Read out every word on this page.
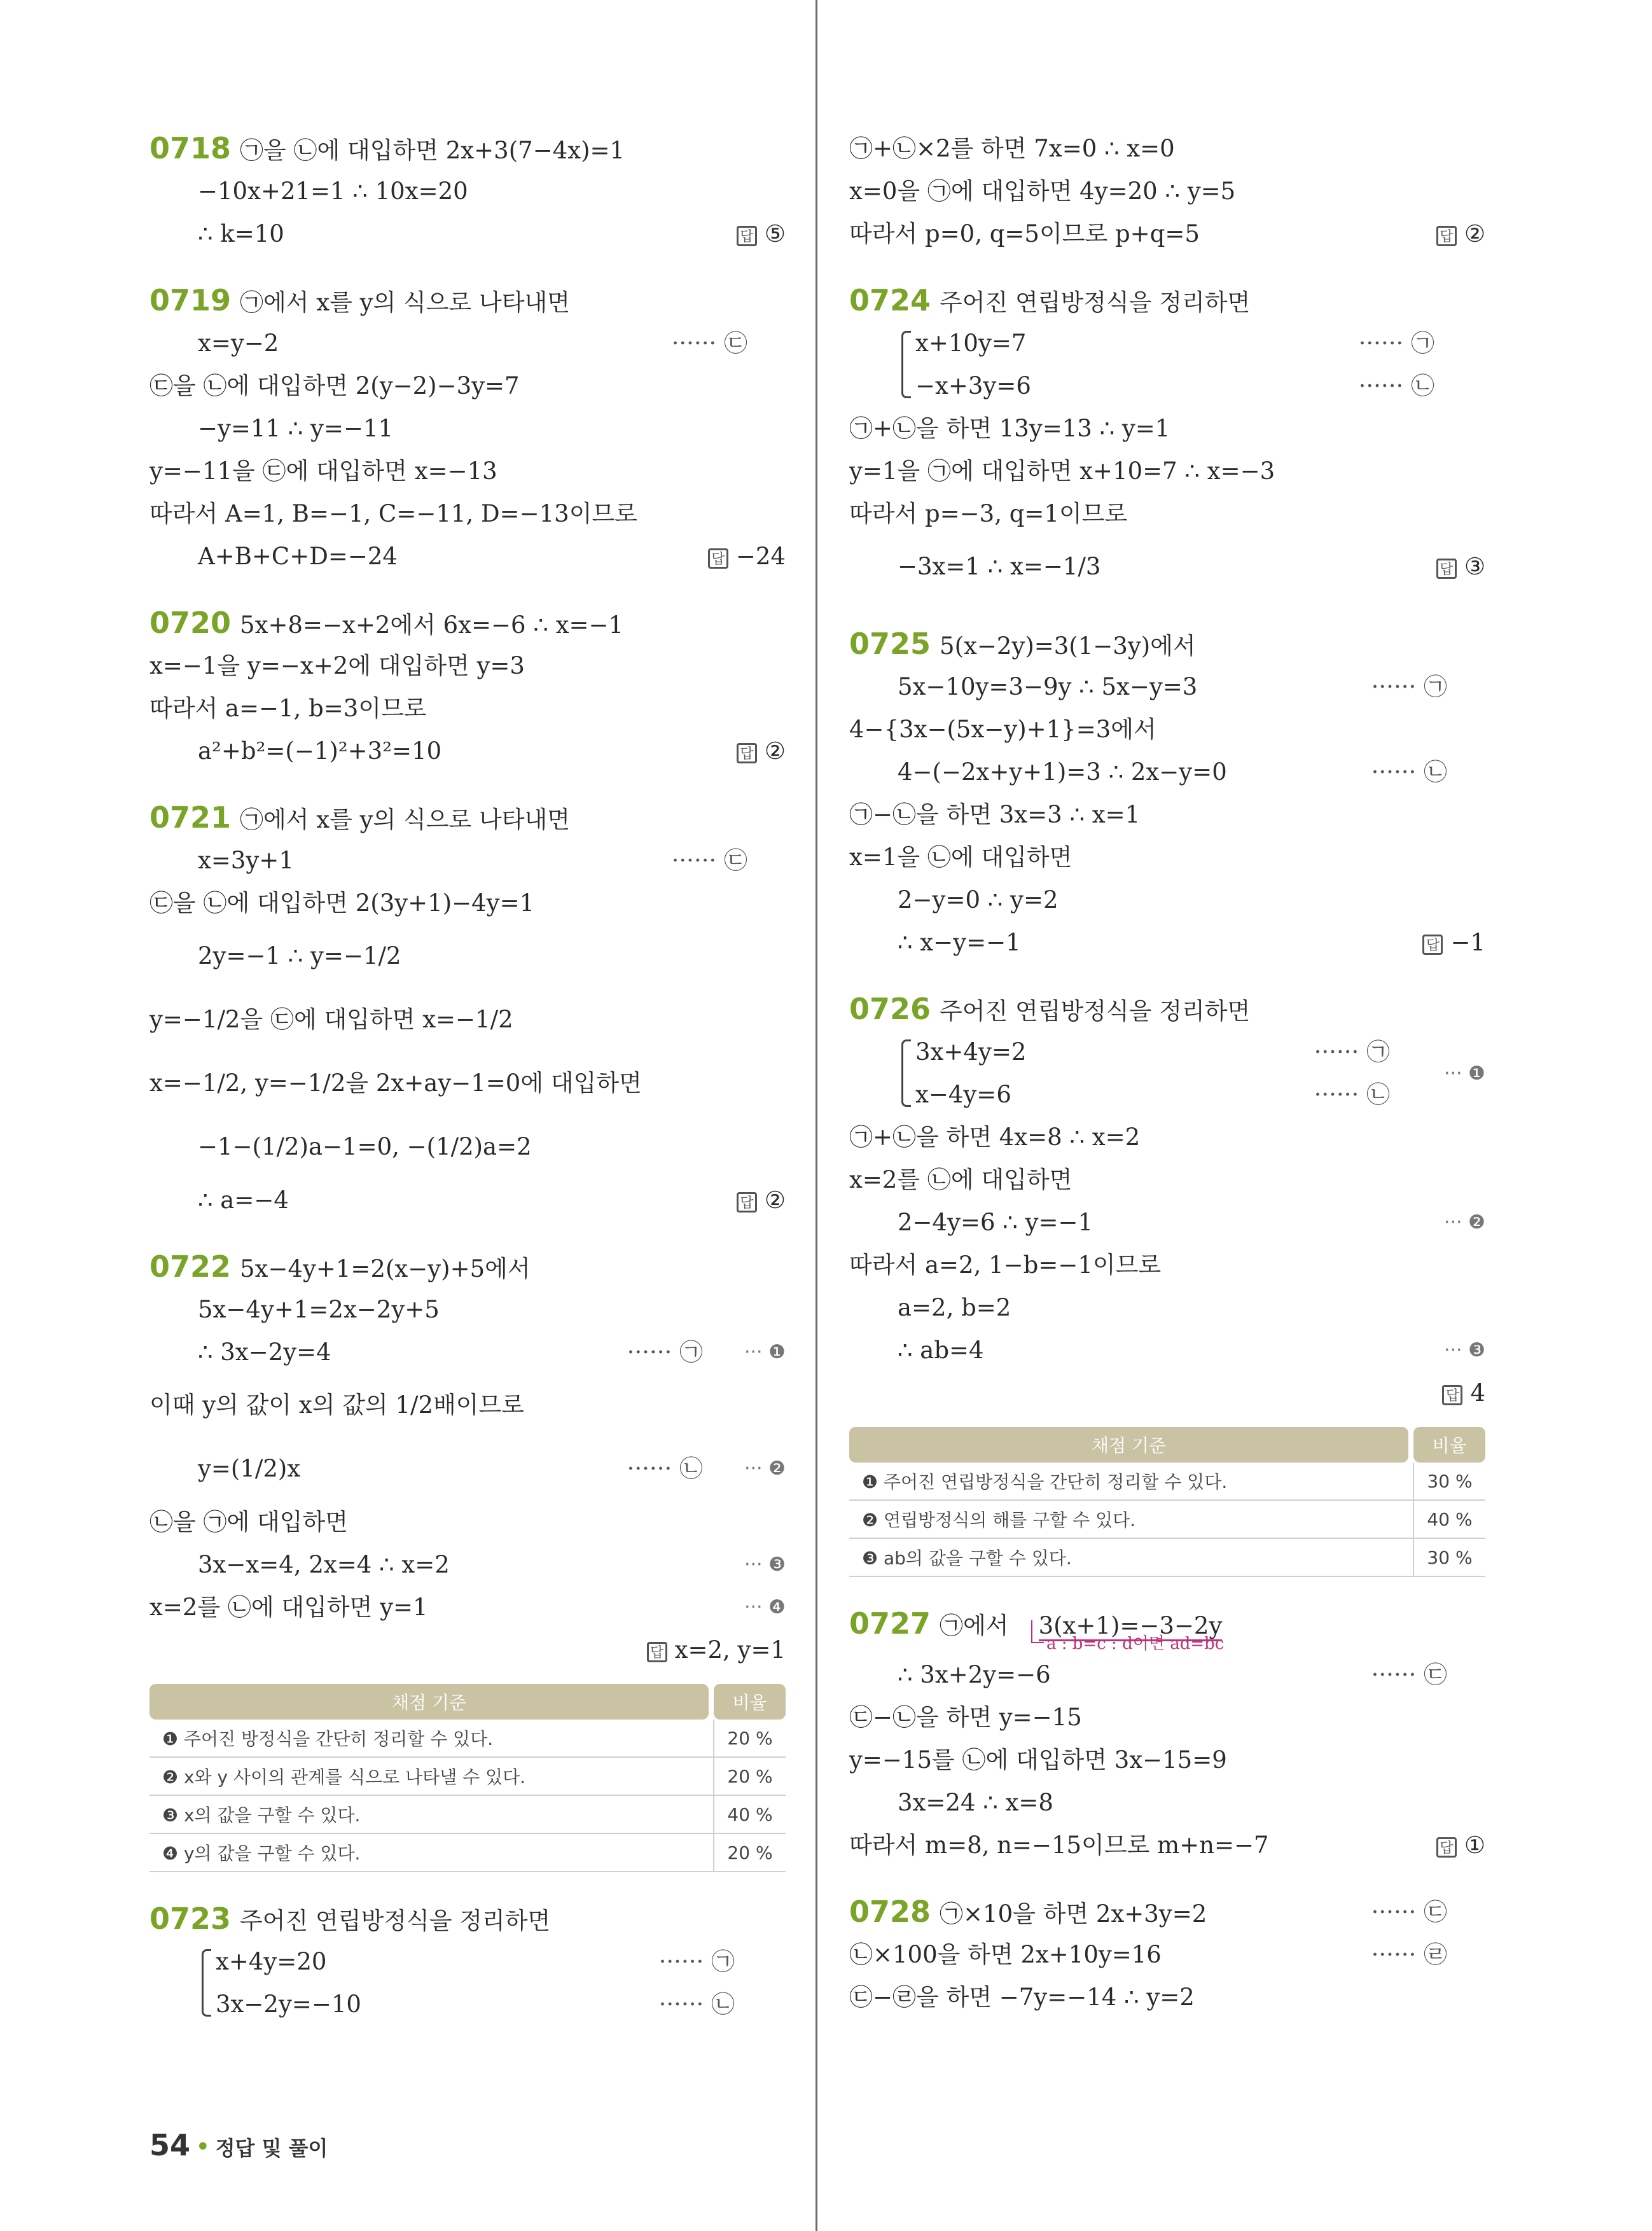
0718 ㉠을 ㉡에 대입하면 2x+3(7−4x)=1
−10x+21=1 ∴ 10x=20
∴ k=10	답 ⑤
0719 ㉠에서 x를 y의 식으로 나타내면
x=y−2	······ ㉢
㉢을 ㉡에 대입하면 2(y−2)−3y=7
−y=11 ∴ y=−11
y=−11을 ㉢에 대입하면 x=−13
따라서 A=1, B=−1, C=−11, D=−13이므로
A+B+C+D=−24	답 −24
0720 5x+8=−x+2에서 6x=−6 ∴ x=−1
x=−1을 y=−x+2에 대입하면 y=3
따라서 a=−1, b=3이므로
a²+b²=(−1)²+3²=10	답 ②
0721 ㉠에서 x를 y의 식으로 나타내면
x=3y+1	······ ㉢
㉢을 ㉡에 대입하면 2(3y+1)−4y=1
2y=−1 ∴ y=−1/2
y=−1/2을 ㉢에 대입하면 x=−1/2
x=−1/2, y=−1/2을 2x+ay−1=0에 대입하면
−1−(1/2)a−1=0, −(1/2)a=2
∴ a=−4	답 ②
0722 5x−4y+1=2(x−y)+5에서
5x−4y+1=2x−2y+5
∴ 3x−2y=4	······ ㉠ ··· ❶
이때 y의 값이 x의 값의 1/2배이므로
y=(1/2)x	······ ㉡ ··· ❷
㉡을 ㉠에 대입하면
3x−x=4, 2x=4 ∴ x=2	··· ❸
x=2를 ㉡에 대입하면 y=1	··· ❹
답 x=2, y=1
채점 기준		비율
❶ 주어진 방정식을 간단히 정리할 수 있다.		20 %
❷ x와 y 사이의 관계를 식으로 나타낼 수 있다.		20 %
❸ x의 값을 구할 수 있다.		40 %
❹ y의 값을 구할 수 있다.		20 %
0723 주어진 연립방정식을 정리하면
x+4y=20	······ ㉠
3x−2y=−10	······ ㉡
㉠+㉡×2를 하면 7x=0 ∴ x=0
x=0을 ㉠에 대입하면 4y=20 ∴ y=5
따라서 p=0, q=5이므로 p+q=5	답 ②
0724 주어진 연립방정식을 정리하면
x+10y=7	······ ㉠
−x+3y=6	······ ㉡
㉠+㉡을 하면 13y=13 ∴ y=1
y=1을 ㉠에 대입하면 x+10=7 ∴ x=−3
따라서 p=−3, q=1이므로
−3x=1 ∴ x=−1/3	답 ③
0725 5(x−2y)=3(1−3y)에서
5x−10y=3−9y ∴ 5x−y=3	······ ㉠
4−{3x−(5x−y)+1}=3에서
4−(−2x+y+1)=3 ∴ 2x−y=0	······ ㉡
㉠−㉡을 하면 3x=3 ∴ x=1
x=1을 ㉡에 대입하면
2−y=0 ∴ y=2
∴ x−y=−1	답 −1
0726 주어진 연립방정식을 정리하면
3x+4y=2	······ ㉠
··· ❶
x−4y=6	······ ㉡
㉠+㉡을 하면 4x=8 ∴ x=2
x=2를 ㉡에 대입하면
2−4y=6 ∴ y=−1	··· ❷
따라서 a=2, 1−b=−1이므로
a=2, b=2
∴ ab=4	··· ❸
답 4
채점 기준		비율
❶ 주어진 연립방정식을 간단히 정리할 수 있다.		30 %
❷ 연립방정식의 해를 구할 수 있다.		40 %
❸ ab의 값을 구할 수 있다.		30 %
0727 ㉠에서 3(x+1)=−3−2y
a : b=c : d이면 ad=bc
∴ 3x+2y=−6	······ ㉢
㉢−㉡을 하면 y=−15
y=−15를 ㉡에 대입하면 3x−15=9
3x=24 ∴ x=8
따라서 m=8, n=−15이므로 m+n=−7	답 ①
0728 ㉠×10을 하면 2x+3y=2	······ ㉢
㉡×100을 하면 2x+10y=16	······ ㉣
㉢−㉣을 하면 −7y=−14 ∴ y=2
54 • 정답 및 풀이
